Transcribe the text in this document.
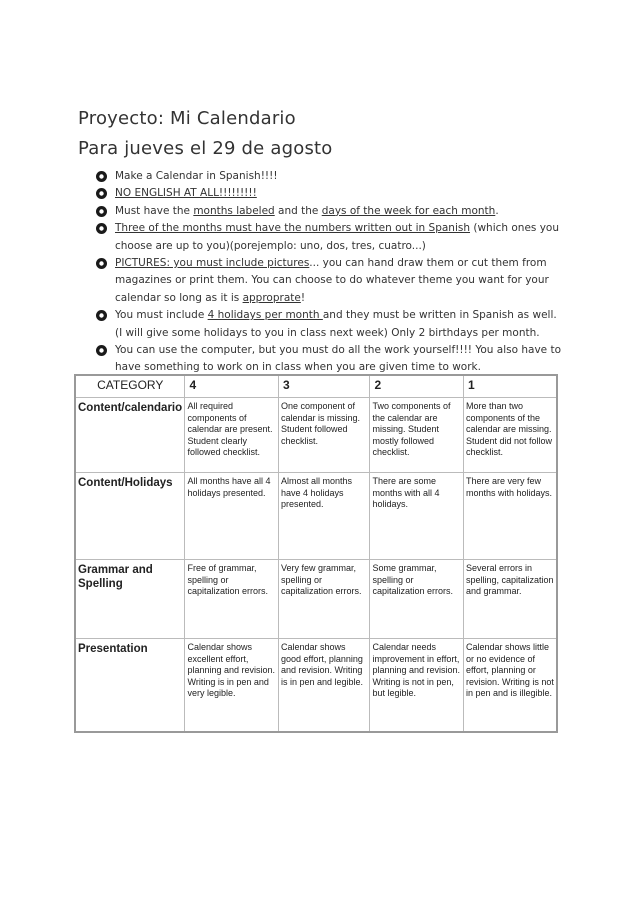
Proyecto: Mi Calendario
Para jueves el 29 de agosto
Make a Calendar in Spanish!!!!
NO ENGLISH AT ALL!!!!!!!!!
Must have the months labeled and the days of the week for each month.
Three of the months must have the numbers written out in Spanish (which ones you choose are up to you)(porejemplo: uno, dos, tres, cuatro...)
PICTURES: you must include pictures... you can hand draw them or cut them from magazines or print them. You can choose to do whatever theme you want for your calendar so long as it is approprate!
You must include 4 holidays per month and they must be written in Spanish as well. (I will give some holidays to you in class next week) Only 2 birthdays per month.
You can use the computer, but you must do all the work yourself!!!! You also have to have something to work on in class when you are given time to work.
CATEGORY	4	3	2	1
Content/calendario	All required components of calendar are present. Student clearly followed checklist.	One component of calendar is missing. Student followed checklist.	Two components of the calendar are missing. Student mostly followed checklist.	More than two components of the calendar are missing. Student did not follow checklist.
Content/Holidays	All months have all 4 holidays presented.	Almost all months have 4 holidays presented.	There are some months with all 4 holidays.	There are very few months with holidays.
Grammar and Spelling	Free of grammar, spelling or capitalization errors.	Very few grammar, spelling or capitalization errors.	Some grammar, spelling or capitalization errors.	Several errors in spelling, capitalization and grammar.
Presentation	Calendar shows excellent effort, planning and revision. Writing is in pen and very legible.	Calendar shows good effort, planning and revision. Writing is in pen and legible.	Calendar needs improvement in effort, planning and revision. Writing is not in pen, but legible.	Calendar shows little or no evidence of effort, planning or revision. Writing is not in pen and is illegible.
